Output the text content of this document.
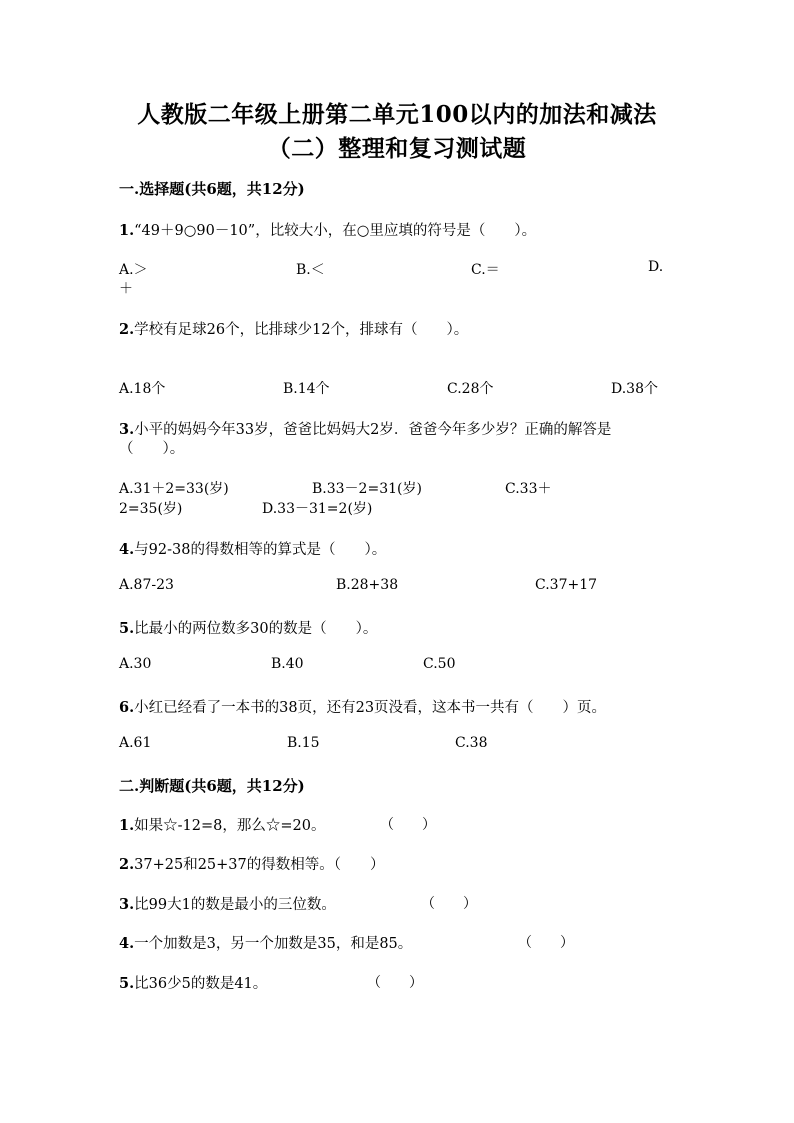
人教版二年级上册第二单元100以内的加法和减法
（二）整理和复习测试题
一.选择题(共6题，共12分)
1.“49＋9○90－10”，比较大小，在○里应填的符号是（　　）。
A.＞	B.＜	C.＝	D.
＋
2.学校有足球26个，比排球少12个，排球有（　　）。
A.18个	B.14个	C.28个	D.38个
3.小平的妈妈今年33岁，爸爸比妈妈大2岁．爸爸今年多少岁？正确的解答是
（　　）。
A.31＋2=33(岁)	B.33－2=31(岁)	C.33＋
2=35(岁)	D.33－31=2(岁)
4.与92-38的得数相等的算式是（　　）。
A.87-23	B.28+38	C.37+17
5.比最小的两位数多30的数是（　　）。
A.30	B.40	C.50
6.小红已经看了一本书的38页，还有23页没看，这本书一共有（　　）页。
A.61	B.15	C.38
二.判断题(共6题，共12分)
1.如果☆-12=8，那么☆=20。	（　　）
2.37+25和25+37的得数相等。（　　）
3.比99大1的数是最小的三位数。	（　　）
4.一个加数是3，另一个加数是35，和是85。	（　　）
5.比36少5的数是41。	（　　）
